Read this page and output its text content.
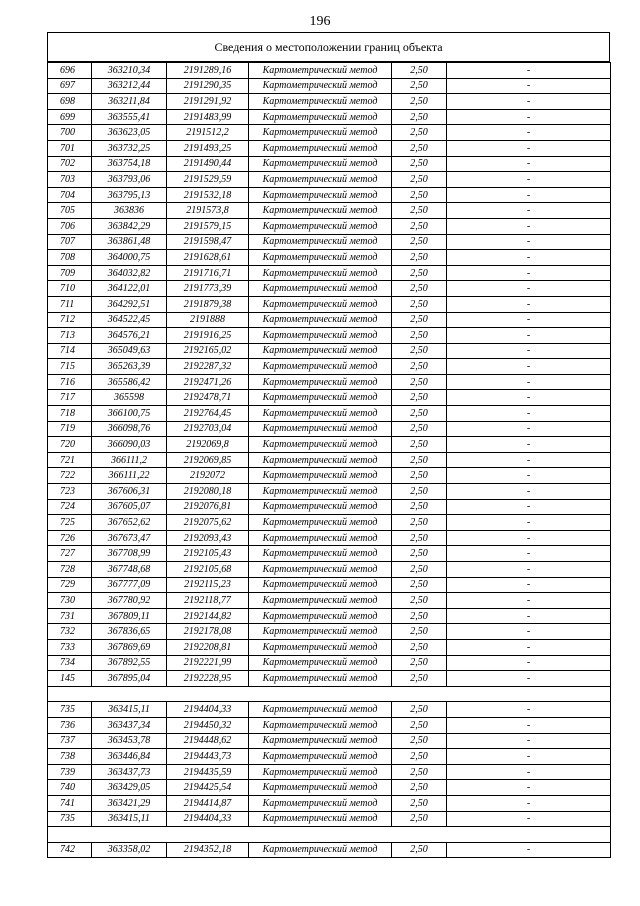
196
Сведения о местоположении границ объекта
696	363210,34	2191289,16	Картометрический метод	2,50	-
697	363212,44	2191290,35	Картометрический метод	2,50	-
698	363211,84	2191291,92	Картометрический метод	2,50	-
699	363555,41	2191483,99	Картометрический метод	2,50	-
700	363623,05	2191512,2	Картометрический метод	2,50	-
701	363732,25	2191493,25	Картометрический метод	2,50	-
702	363754,18	2191490,44	Картометрический метод	2,50	-
703	363793,06	2191529,59	Картометрический метод	2,50	-
704	363795,13	2191532,18	Картометрический метод	2,50	-
705	363836	2191573,8	Картометрический метод	2,50	-
706	363842,29	2191579,15	Картометрический метод	2,50	-
707	363861,48	2191598,47	Картометрический метод	2,50	-
708	364000,75	2191628,61	Картометрический метод	2,50	-
709	364032,82	2191716,71	Картометрический метод	2,50	-
710	364122,01	2191773,39	Картометрический метод	2,50	-
711	364292,51	2191879,38	Картометрический метод	2,50	-
712	364522,45	2191888	Картометрический метод	2,50	-
713	364576,21	2191916,25	Картометрический метод	2,50	-
714	365049,63	2192165,02	Картометрический метод	2,50	-
715	365263,39	2192287,32	Картометрический метод	2,50	-
716	365586,42	2192471,26	Картометрический метод	2,50	-
717	365598	2192478,71	Картометрический метод	2,50	-
718	366100,75	2192764,45	Картометрический метод	2,50	-
719	366098,76	2192703,04	Картометрический метод	2,50	-
720	366090,03	2192069,8	Картометрический метод	2,50	-
721	366111,2	2192069,85	Картометрический метод	2,50	-
722	366111,22	2192072	Картометрический метод	2,50	-
723	367606,31	2192080,18	Картометрический метод	2,50	-
724	367605,07	2192076,81	Картометрический метод	2,50	-
725	367652,62	2192075,62	Картометрический метод	2,50	-
726	367673,47	2192093,43	Картометрический метод	2,50	-
727	367708,99	2192105,43	Картометрический метод	2,50	-
728	367748,68	2192105,68	Картометрический метод	2,50	-
729	367777,09	2192115,23	Картометрический метод	2,50	-
730	367780,92	2192118,77	Картометрический метод	2,50	-
731	367809,11	2192144,82	Картометрический метод	2,50	-
732	367836,65	2192178,08	Картометрический метод	2,50	-
733	367869,69	2192208,81	Картометрический метод	2,50	-
734	367892,55	2192221,99	Картометрический метод	2,50	-
145	367895,04	2192228,95	Картометрический метод	2,50	-

735	363415,11	2194404,33	Картометрический метод	2,50	-
736	363437,34	2194450,32	Картометрический метод	2,50	-
737	363453,78	2194448,62	Картометрический метод	2,50	-
738	363446,84	2194443,73	Картометрический метод	2,50	-
739	363437,73	2194435,59	Картометрический метод	2,50	-
740	363429,05	2194425,54	Картометрический метод	2,50	-
741	363421,29	2194414,87	Картометрический метод	2,50	-
735	363415,11	2194404,33	Картометрический метод	2,50	-

742	363358,02	2194352,18	Картометрический метод	2,50	-
